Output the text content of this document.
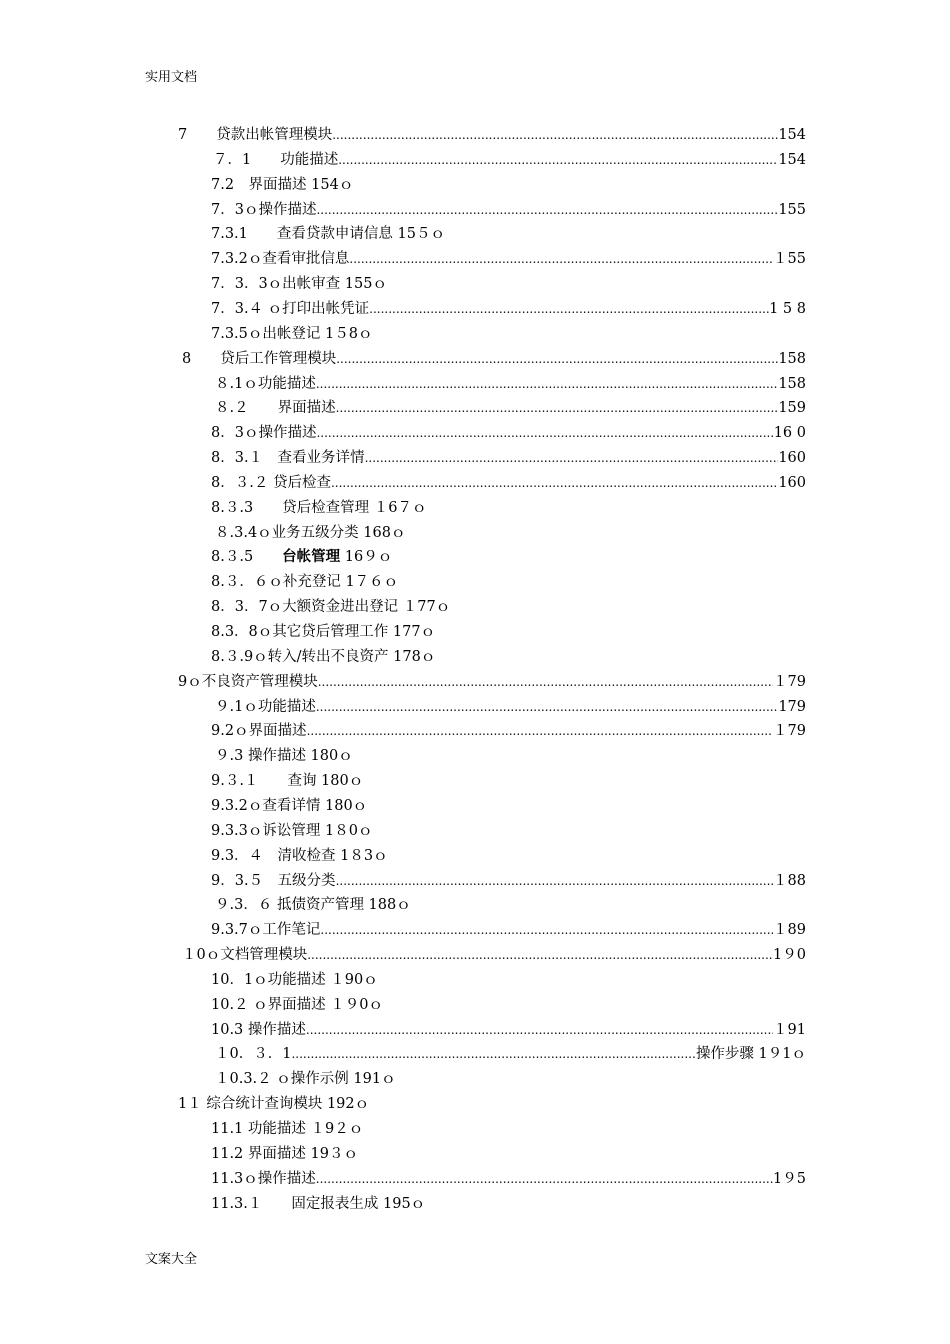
实用文档
7　　贷款出帐管理模块 .....	154
７．1　　功能描述 .....	154
7.2　界面描述 154ｏ
7．3ｏ操作描述 .....	155
7.3.1　　查看贷款申请信息 15５ｏ
7.3.2ｏ查看审批信息 .....	１55
7．3．3ｏ出帐审查 155ｏ
7．3.４ ｏ打印出帐凭证 .....	1 5 8
7.3.5ｏ出帐登记 1５8ｏ
8　　贷后工作管理模块 .....	158
８.1ｏ功能描述 .....	158
８.２　　界面描述 .....	159
8．3ｏ操作描述 .....	16 0
8．3.１　查看业务详情 .....	160
8．３.２ 贷后检查 .....	160
8.３.3　　贷后检查管理 １6７ｏ
８.3.4ｏ业务五级分类 168ｏ
8.３.5　　 台帐管理 16９ｏ
8.３．６ｏ补充登记 1７６ｏ
8．3．7ｏ大额资金进出登记 １77ｏ
8.3．8ｏ其它贷后管理工作 177ｏ
8.３.9ｏ转入/转出不良资产 178ｏ
9ｏ不良资产管理模块 .....	１79
９.1ｏ功能描述 .....	179
9.2ｏ界面描述 .....	１79
９.3 操作描述 180ｏ
9.３.１　　查询 180ｏ
9.3.2ｏ查看详情 180ｏ
9.3.3ｏ诉讼管理 1８0ｏ
9.3．４　清收检查 1８3ｏ
9．3.５　五级分类 .....	１88
９.3．６ 抵债资产管理 188ｏ
9.3.7ｏ工作笔记 .....	１89
１0ｏ文档管理模块 .....	1９0
10．1ｏ功能描述 １90ｏ
10.２ ｏ界面描述 １９0ｏ
10.3 操作描述 .....	１91
１0．３．1 .....	操作步骤 1９1ｏ
１0.3.２ ｏ操作示例 191ｏ
1１ 综合统计查询模块 192ｏ
11.1 功能描述 １9２ｏ
11.2 界面描述 19３ｏ
11.3ｏ操作描述 .....	1９5
11.3.１　　固定报表生成 195ｏ
文案大全
